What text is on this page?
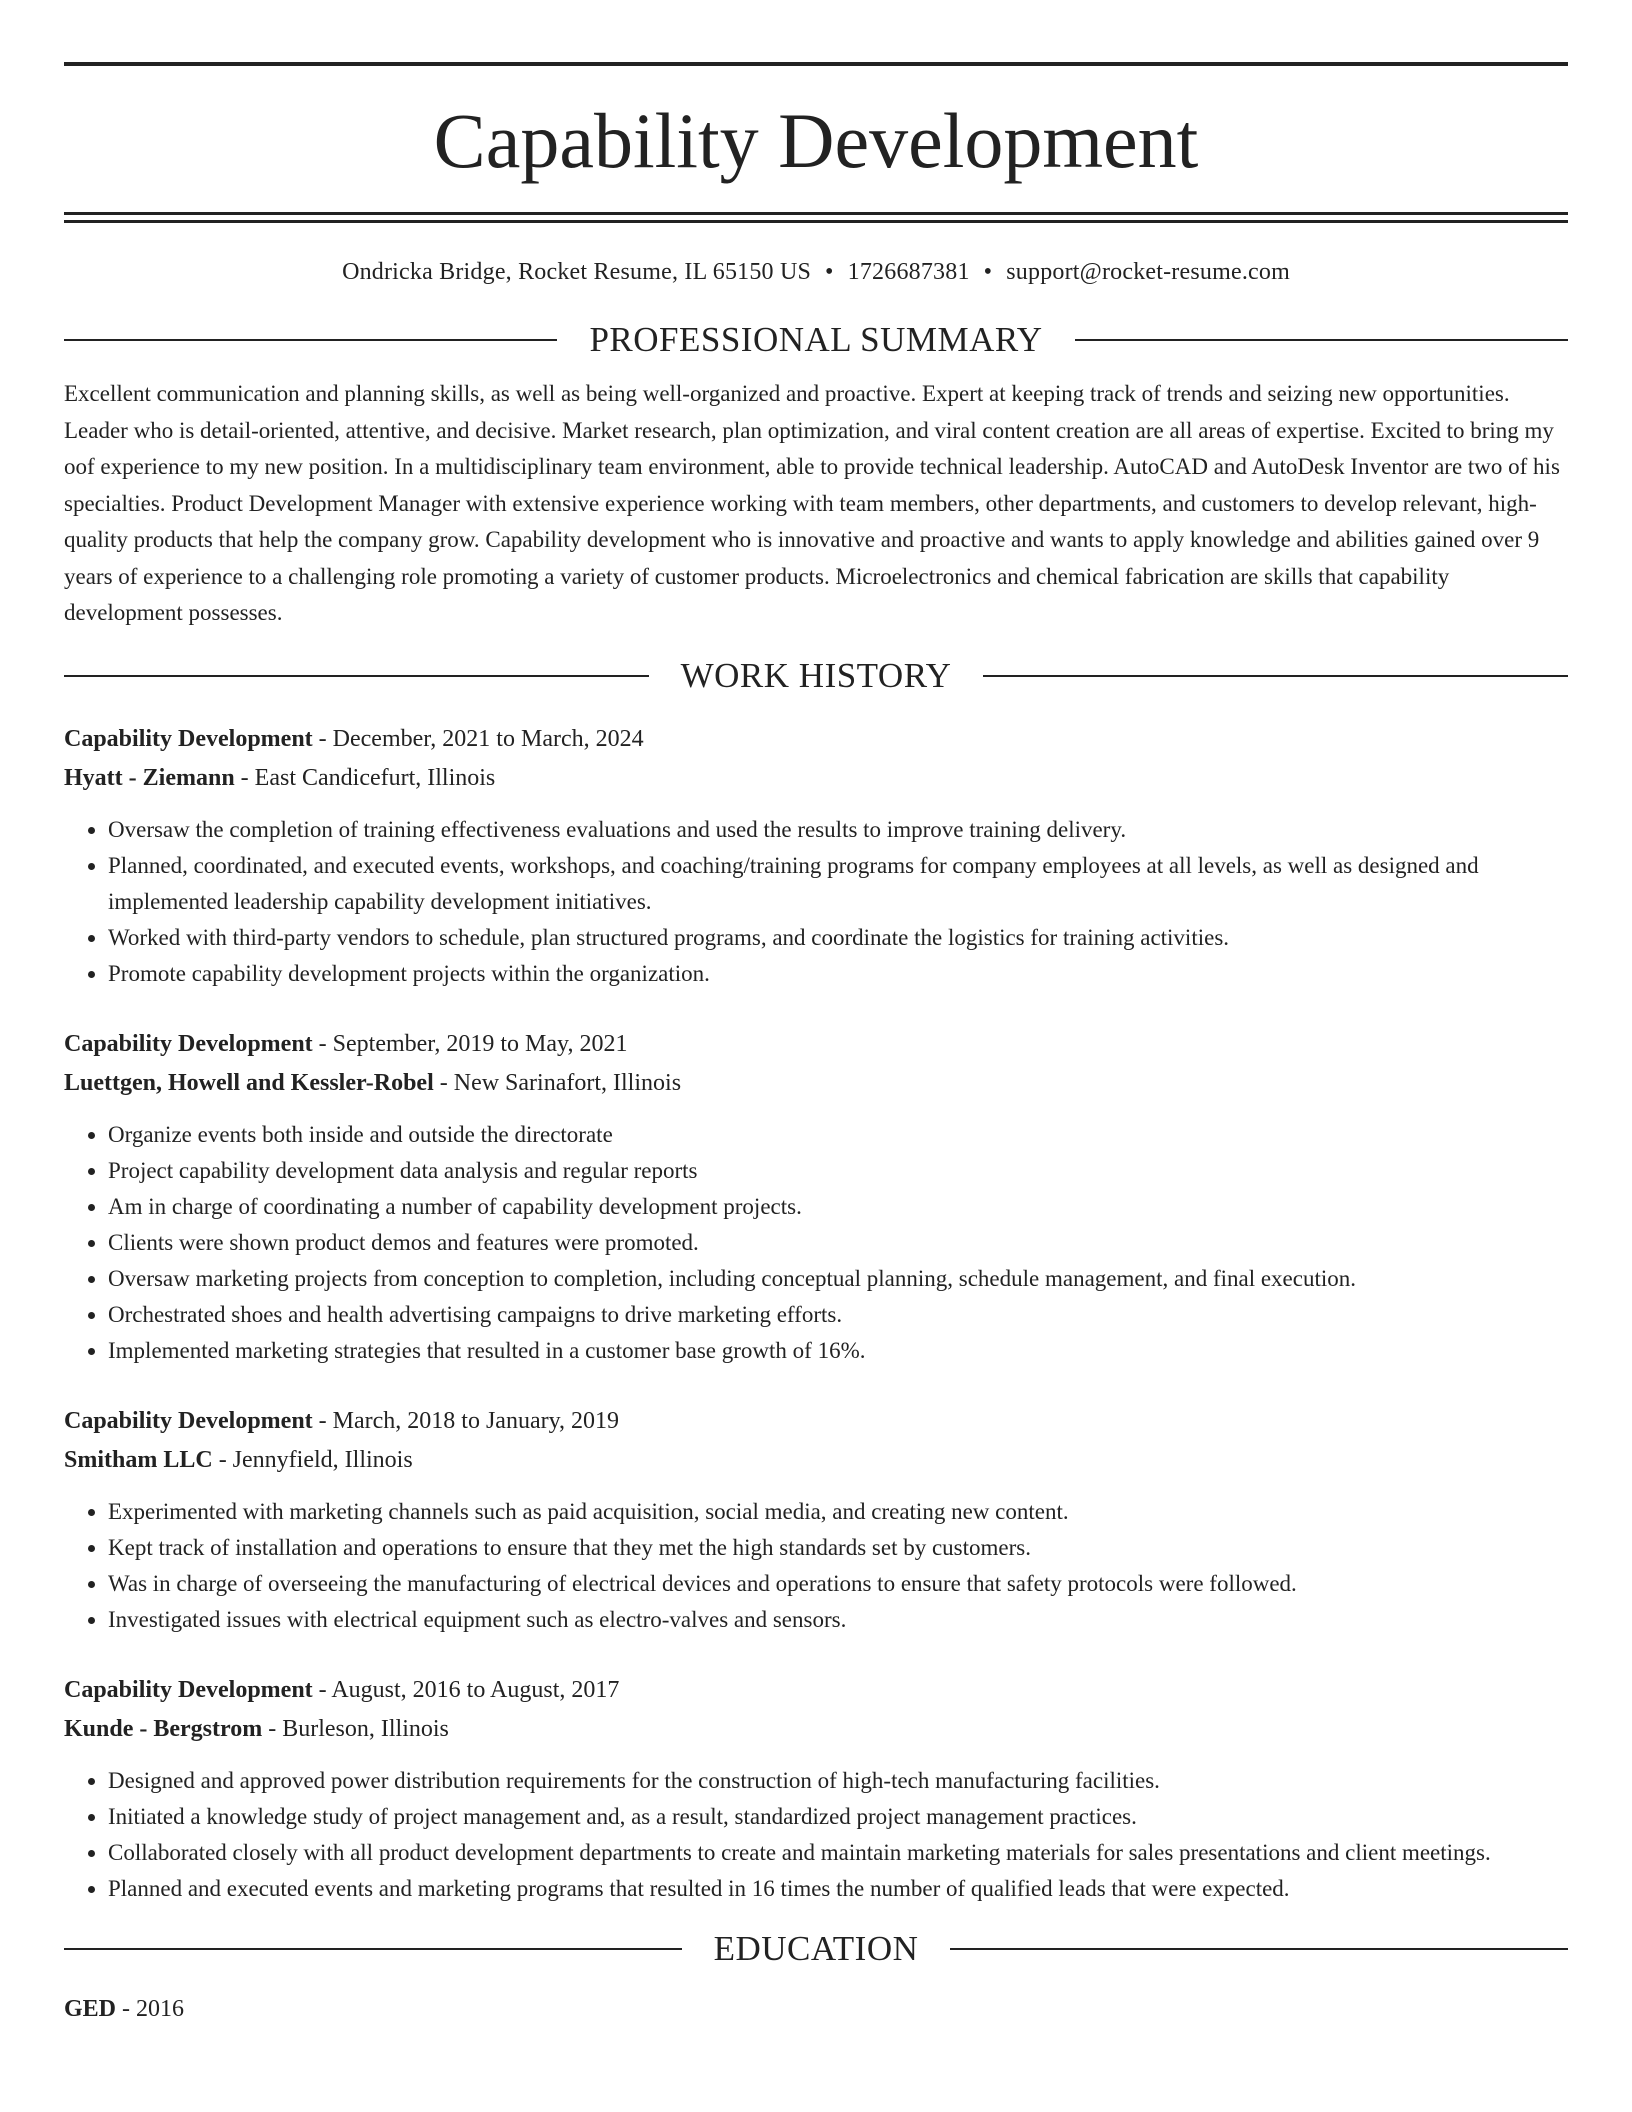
Capability Development
Ondricka Bridge, Rocket Resume, IL 65150 US • 1726687381 • support@rocket-resume.com
PROFESSIONAL SUMMARY
Excellent communication and planning skills, as well as being well-organized and proactive. Expert at keeping track of trends and seizing new opportunities. Leader who is detail-oriented, attentive, and decisive. Market research, plan optimization, and viral content creation are all areas of expertise. Excited to bring my oof experience to my new position. In a multidisciplinary team environment, able to provide technical leadership. AutoCAD and AutoDesk Inventor are two of his specialties. Product Development Manager with extensive experience working with team members, other departments, and customers to develop relevant, high-quality products that help the company grow. Capability development who is innovative and proactive and wants to apply knowledge and abilities gained over 9 years of experience to a challenging role promoting a variety of customer products. Microelectronics and chemical fabrication are skills that capability development possesses.
WORK HISTORY
Capability Development - December, 2021 to March, 2024
Hyatt - Ziemann - East Candicefurt, Illinois
• Oversaw the completion of training effectiveness evaluations and used the results to improve training delivery.
• Planned, coordinated, and executed events, workshops, and coaching/training programs for company employees at all levels, as well as designed and implemented leadership capability development initiatives.
• Worked with third-party vendors to schedule, plan structured programs, and coordinate the logistics for training activities.
• Promote capability development projects within the organization.
Capability Development - September, 2019 to May, 2021
Luettgen, Howell and Kessler-Robel - New Sarinafort, Illinois
• Organize events both inside and outside the directorate
• Project capability development data analysis and regular reports
• Am in charge of coordinating a number of capability development projects.
• Clients were shown product demos and features were promoted.
• Oversaw marketing projects from conception to completion, including conceptual planning, schedule management, and final execution.
• Orchestrated shoes and health advertising campaigns to drive marketing efforts.
• Implemented marketing strategies that resulted in a customer base growth of 16%.
Capability Development - March, 2018 to January, 2019
Smitham LLC - Jennyfield, Illinois
• Experimented with marketing channels such as paid acquisition, social media, and creating new content.
• Kept track of installation and operations to ensure that they met the high standards set by customers.
• Was in charge of overseeing the manufacturing of electrical devices and operations to ensure that safety protocols were followed.
• Investigated issues with electrical equipment such as electro-valves and sensors.
Capability Development - August, 2016 to August, 2017
Kunde - Bergstrom - Burleson, Illinois
• Designed and approved power distribution requirements for the construction of high-tech manufacturing facilities.
• Initiated a knowledge study of project management and, as a result, standardized project management practices.
• Collaborated closely with all product development departments to create and maintain marketing materials for sales presentations and client meetings.
• Planned and executed events and marketing programs that resulted in 16 times the number of qualified leads that were expected.
EDUCATION
GED - 2016
